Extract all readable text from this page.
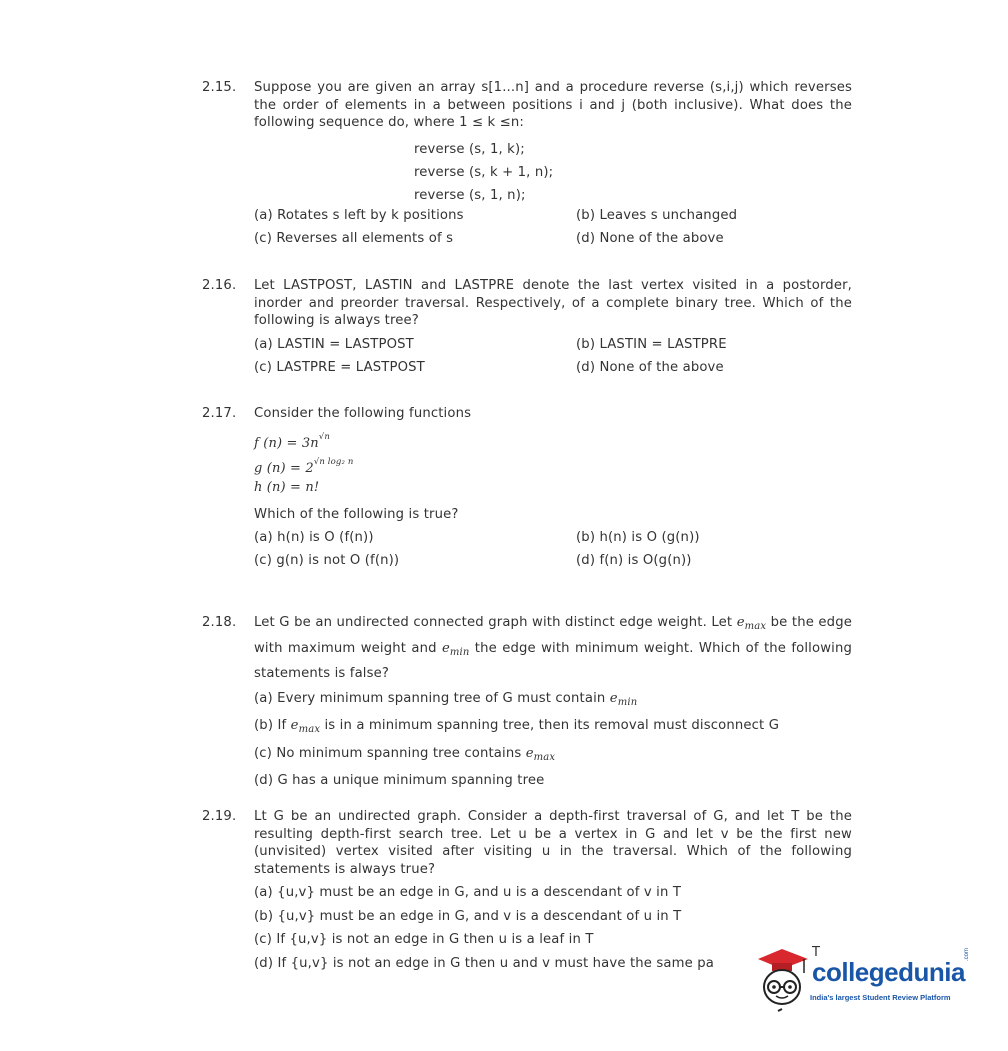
2.15. Suppose you are given an array s[1...n] and a procedure reverse (s,i,j) which reverses the order of elements in a between positions i and j (both inclusive). What does the following sequence do, where 1 ≤ k ≤n:
reverse (s, 1, k);
reverse (s, k + 1, n);
reverse (s, 1, n);
(a) Rotates s left by k positions	(b) Leaves s unchanged
(c) Reverses all elements of s	(d) None of the above
2.16. Let LASTPOST, LASTIN and LASTPRE denote the last vertex visited in a postorder, inorder and preorder traversal. Respectively, of a complete binary tree. Which of the following is always tree?
(a) LASTIN = LASTPOST	(b) LASTIN = LASTPRE
(c) LASTPRE = LASTPOST	(d) None of the above
2.17. Consider the following functions
f $(n) = 3n^{√n}$
g $(n) = 2^{√n log_2 n}$
h (n) = n!
Which of the following is true?
(a) h(n) is O (f(n))	(b) h(n) is O (g(n))
(c) g(n) is not O (f(n))	(d) f(n) is O(g(n))
2.18. Let G be an undirected connected graph with distinct edge weight. Let $e_{max}$ be the edge with maximum weight and $e_{min}$ the edge with minimum weight. Which of the following statements is false?
(a) Every minimum spanning tree of G must contain $e_{min}$
(b) If $e_{max}$ is in a minimum spanning tree, then its removal must disconnect G
(c) No minimum spanning tree contains $e_{max}$
(d) G has a unique minimum spanning tree
2.19. Lt G be an undirected graph. Consider a depth-first traversal of G, and let T be the resulting depth-first search tree. Let u be a vertex in G and let v be the first new (unvisited) vertex visited after visiting u in the traversal. Which of the following statements is always true?
(a) {u,v} must be an edge in G, and u is a descendant of v in T
(b) {u,v} must be an edge in G, and v is a descendant of u in T
(c) If {u,v} is not an edge in G then u is a leaf in T
(d) If {u,v} is not an edge in G then u and v must have the same pa	collegedunia
.com
India's largest Student Review Platform
T
